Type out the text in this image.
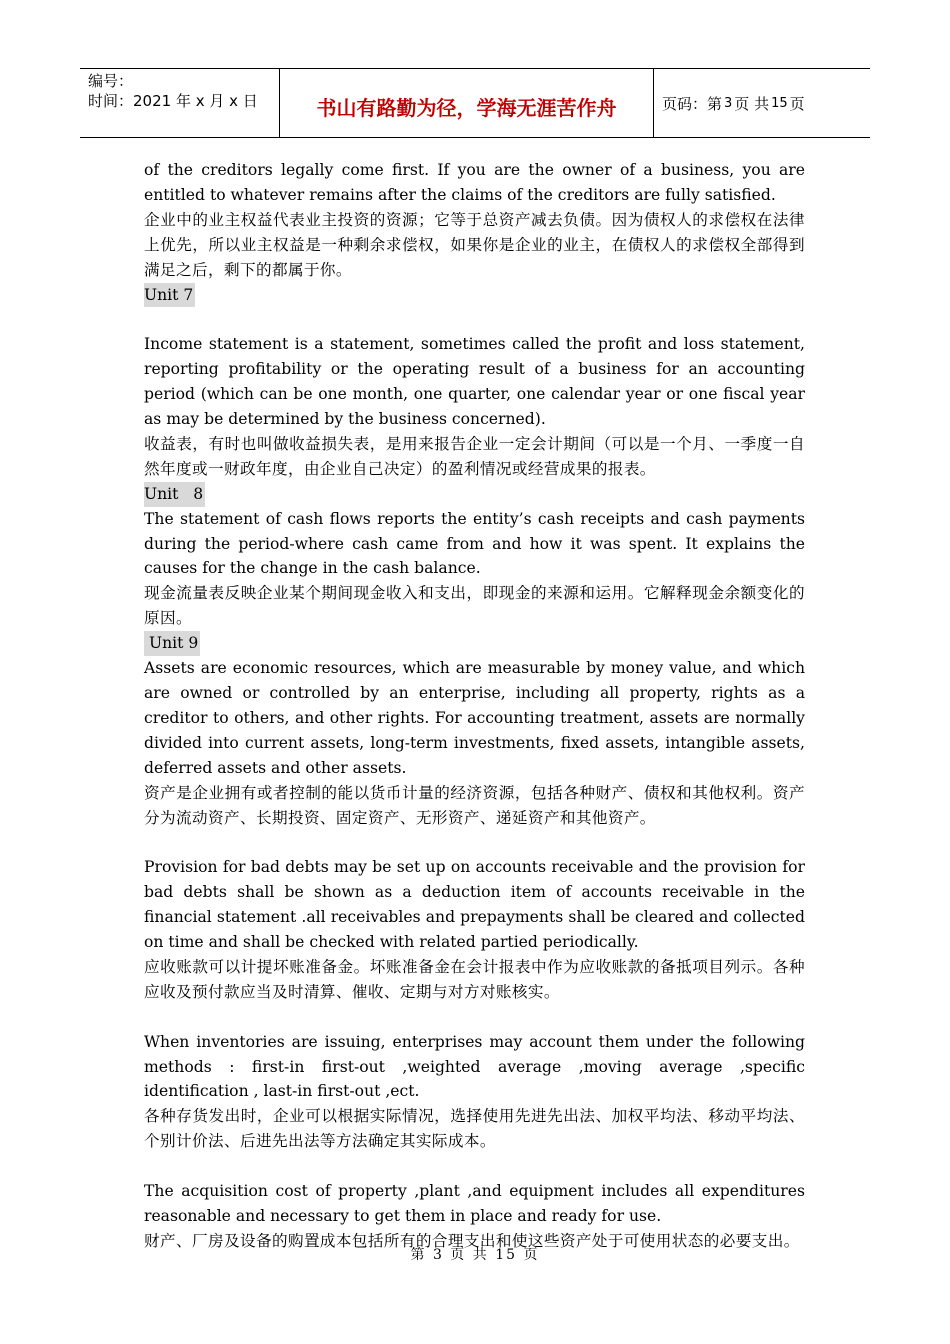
编号：
时间：2021 年 x 月 x 日	书山有路勤为径，学海无涯苦作舟	页码：第 3 页 共 15 页

of the creditors legally come first. If you are the owner of a business, you are entitled to whatever remains after the claims of the creditors are fully satisfied.

企业中的业主权益代表业主投资的资源；它等于总资产减去负债。因为债权人的求偿权在法律上优先，所以业主权益是一种剩余求偿权，如果你是企业的业主，在债权人的求偿权全部得到满足之后，剩下的都属于你。

Unit 7

Income statement is a statement, sometimes called the profit and loss statement, reporting profitability or the operating result of a business for an accounting period (which can be one month, one quarter, one calendar year or one fiscal year as may be determined by the business concerned).

收益表，有时也叫做收益损失表，是用来报告企业一定会计期间（可以是一个月、一季度一自然年度或一财政年度，由企业自己决定）的盈利情况或经营成果的报表。

Unit   8

The statement of cash flows reports the entity’s cash receipts and cash payments during the period-where cash came from and how it was spent. It explains the causes for the change in the cash balance.

现金流量表反映企业某个期间现金收入和支出，即现金的来源和运用。它解释现金余额变化的原因。

Unit 9

Assets are economic resources, which are measurable by money value, and which are owned or controlled by an enterprise, including all property, rights as a creditor to others, and other rights. For accounting treatment, assets are normally divided into current assets, long-term investments, fixed assets, intangible assets, deferred assets and other assets.

资产是企业拥有或者控制的能以货币计量的经济资源，包括各种财产、债权和其他权利。资产分为流动资产、长期投资、固定资产、无形资产、递延资产和其他资产。

Provision for bad debts may be set up on accounts receivable and the provision for bad debts shall be shown as a deduction item of accounts receivable in the financial statement .all receivables and prepayments shall be cleared and collected on time and shall be checked with related partied periodically.

应收账款可以计提坏账准备金。坏账准备金在会计报表中作为应收账款的备抵项目列示。各种应收及预付款应当及时清算、催收、定期与对方对账核实。

When inventories are issuing, enterprises may account them under the following methods : first-in first-out ,weighted average ,moving average ,specific identification , last-in first-out ,ect.

各种存货发出时，企业可以根据实际情况，选择使用先进先出法、加权平均法、移动平均法、个别计价法、后进先出法等方法确定其实际成本。

The acquisition cost of property ,plant ,and equipment includes all expenditures reasonable and necessary to get them in place and ready for use.

财产、厂房及设备的购置成本包括所有的合理支出和使这些资产处于可使用状态的必要支出。

第 3 页 共 15 页
